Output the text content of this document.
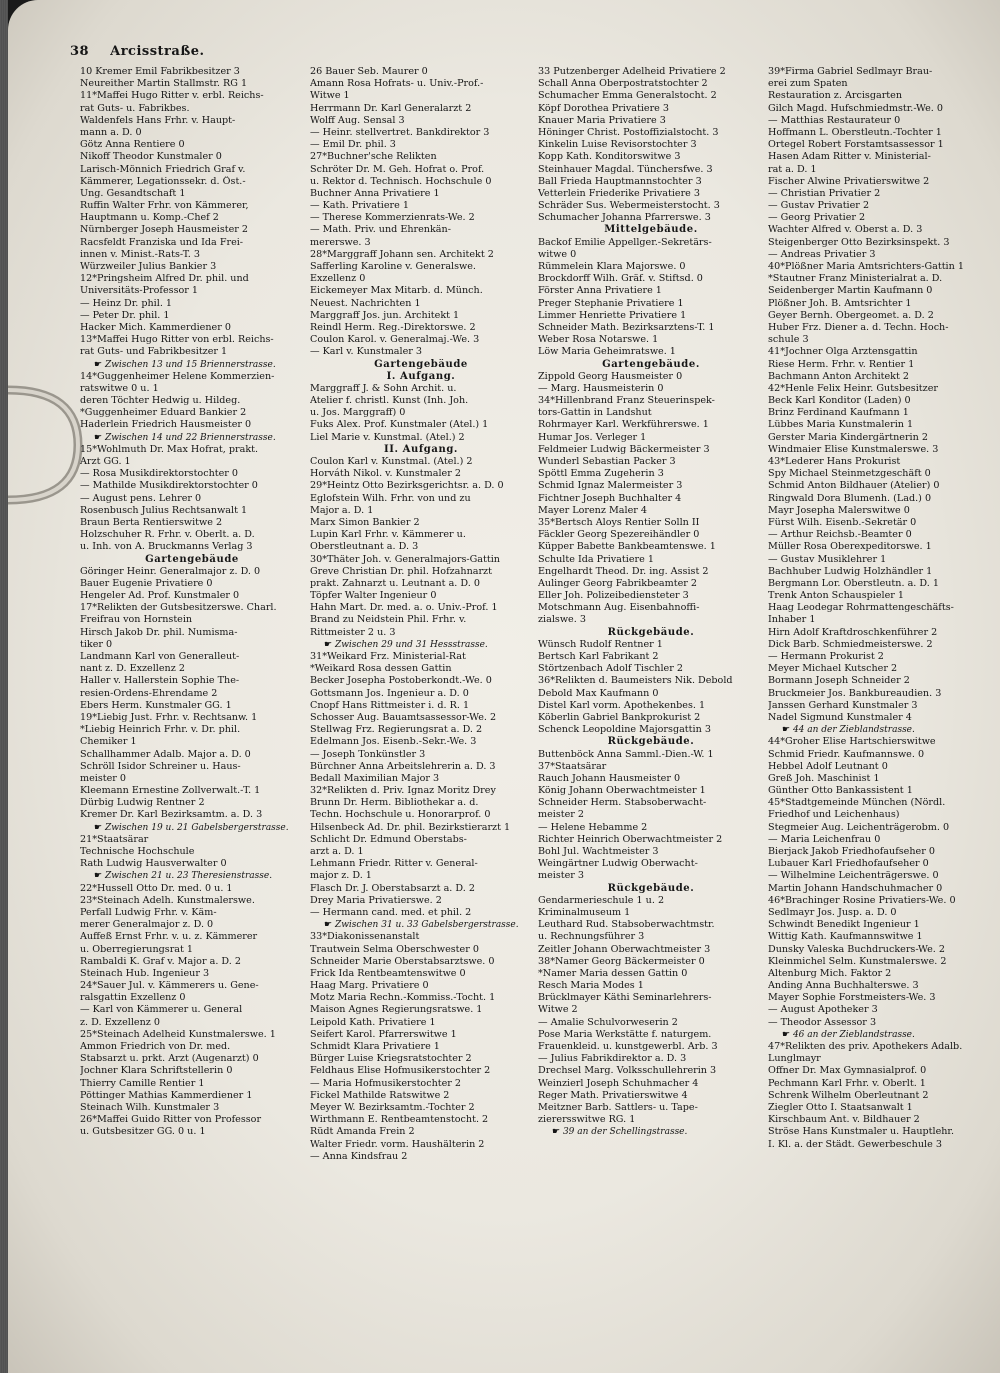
38 Arcisstraße.
10 Kremer Emil Fabrikbesitzer 3
Neureither Martin Stallmstr. RG 1
11*Maffei Hugo Ritter v. erbl. Reichs-
rat Guts- u. Fabrikbes.
Waldenfels Hans Frhr. v. Haupt-
mann a. D. 0
Götz Anna Rentiere 0
Nikoff Theodor Kunstmaler 0
Larisch-Mönnich Friedrich Graf v.
Kämmerer, Legationssekr. d. Öst.-
Ung. Gesandtschaft 1
Ruffin Walter Frhr. von Kämmerer,
Hauptmann u. Komp.-Chef 2
Nürnberger Joseph Hausmeister 2
Racsfeldt Franziska und Ida Frei-
innen v. Minist.-Rats-T. 3
Würzweiler Julius Bankier 3
12*Pringsheim Alfred Dr. phil. und
Universitäts-Professor 1
— Heinz Dr. phil. 1
— Peter Dr. phil. 1
Hacker Mich. Kammerdiener 0
13*Maffei Hugo Ritter von erbl. Reichs-
rat Guts- und Fabrikbesitzer 1
☛ Zwischen 13 und 15 Briennerstrasse.
14*Guggenheimer Helene Kommerzien-
ratswitwe 0 u. 1
deren Töchter Hedwig u. Hildeg.
*Guggenheimer Eduard Bankier 2
Haderlein Friedrich Hausmeister 0
☛ Zwischen 14 und 22 Briennerstrasse.
15*Wohlmuth Dr. Max Hofrat, prakt.
Arzt GG. 1
— Rosa Musikdirektorstochter 0
— Mathilde Musikdirektorstochter 0
— August pens. Lehrer 0
Rosenbusch Julius Rechtsanwalt 1
Braun Berta Rentierswitwe 2
Holzschuher R. Frhr. v. Oberlt. a. D.
u. Inh. von A. Bruckmanns Verlag 3
Gartengebäude
Göringer Heinr. Generalmajor z. D. 0
Bauer Eugenie Privatiere 0
Hengeler Ad. Prof. Kunstmaler 0
17*Relikten der Gutsbesitzerswe. Charl.
Freifrau von Hornstein
Hirsch Jakob Dr. phil. Numisma-
tiker 0
Landmann Karl von Generalleut-
nant z. D. Exzellenz 2
Haller v. Hallerstein Sophie The-
resien-Ordens-Ehrendame 2
Ebers Herm. Kunstmaler GG. 1
19*Liebig Just. Frhr. v. Rechtsanw. 1
*Liebig Heinrich Frhr. v. Dr. phil.
Chemiker 1
Schallhammer Adalb. Major a. D. 0
Schröll Isidor Schreiner u. Haus-
meister 0
Kleemann Ernestine Zollverwalt.-T. 1
Dürbig Ludwig Rentner 2
Kremer Dr. Karl Bezirksamtm. a. D. 3
☛ Zwischen 19 u. 21 Gabelsbergerstrasse.
21*Staatsärar
Technische Hochschule
Rath Ludwig Hausverwalter 0
☛ Zwischen 21 u. 23 Theresienstrasse.
22*Hussell Otto Dr. med. 0 u. 1
23*Steinach Adelh. Kunstmalerswe.
Perfall Ludwig Frhr. v. Käm-
merer Generalmajor z. D. 0
Auffeß Ernst Frhr. v. u. z. Kämmerer
u. Oberregierungsrat 1
Rambaldi K. Graf v. Major a. D. 2
Steinach Hub. Ingenieur 3
24*Sauer Jul. v. Kämmerers u. Gene-
ralsgattin Exzellenz 0
— Karl von Kämmerer u. General
z. D. Exzellenz 0
25*Steinach Adelheid Kunstmalerswe. 1
Ammon Friedrich von Dr. med.
Stabsarzt u. prkt. Arzt (Augenarzt) 0
Jochner Klara Schriftstellerin 0
Thierry Camille Rentier 1
Pöttinger Mathias Kammerdiener 1
Steinach Wilh. Kunstmaler 3
26*Maffei Guido Ritter von Professor
u. Gutsbesitzer GG. 0 u. 1
26 Bauer Seb. Maurer 0
Amann Rosa Hofrats- u. Univ.-Prof.-
Witwe 1
Herrmann Dr. Karl Generalarzt 2
Wolff Aug. Sensal 3
— Heinr. stellvertret. Bankdirektor 3
— Emil Dr. phil. 3
27*Buchner'sche Relikten
Schröter Dr. M. Geh. Hofrat o. Prof.
u. Rektor d. Technisch. Hochschule 0
Buchner Anna Privatiere 1
— Kath. Privatiere 1
— Therese Kommerzienrats-We. 2
— Math. Priv. und Ehrenkän-
mererswe. 3
28*Marggraff Johann sen. Architekt 2
Safferling Karoline v. Generalswe.
Exzellenz 0
Eickemeyer Max Mitarb. d. Münch.
Neuest. Nachrichten 1
Marggraff Jos. jun. Architekt 1
Reindl Herm. Reg.-Direktorswe. 2
Coulon Karol. v. Generalmaj.-We. 3
— Karl v. Kunstmaler 3
Gartengebäude
I. Aufgang.
Marggraff J. & Sohn Archit. u.
Atelier f. christl. Kunst (Inh. Joh.
u. Jos. Marggraff) 0
Fuks Alex. Prof. Kunstmaler (Atel.) 1
Liel Marie v. Kunstmal. (Atel.) 2
II. Aufgang.
Coulon Karl v. Kunstmal. (Atel.) 2
Horváth Nikol. v. Kunstmaler 2
29*Heintz Otto Bezirksgerichtsr. a. D. 0
Eglofstein Wilh. Frhr. von und zu
Major a. D. 1
Marx Simon Bankier 2
Lupin Karl Frhr. v. Kämmerer u.
Oberstleutnant a. D. 3
30*Thäter Joh. v. Generalmajors-Gattin
Greve Christian Dr. phil. Hofzahnarzt
prakt. Zahnarzt u. Leutnant a. D. 0
Töpfer Walter Ingenieur 0
Hahn Mart. Dr. med. a. o. Univ.-Prof. 1
Brand zu Neidstein Phil. Frhr. v.
Rittmeister 2 u. 3
☛ Zwischen 29 und 31 Hessstrasse.
31*Weikard Frz. Ministerial-Rat
*Weikard Rosa dessen Gattin
Becker Josepha Postoberkondt.-We. 0
Gottsmann Jos. Ingenieur a. D. 0
Cnopf Hans Rittmeister i. d. R. 1
Schosser Aug. Bauamtsassessor-We. 2
Stellwag Frz. Regierungsrat a. D. 2
Edelmann Jos. Eisenb.-Sekr.-We. 3
— Joseph Tonkünstler 3
Bürchner Anna Arbeitslehrerin a. D. 3
Bedall Maximilian Major 3
32*Relikten d. Priv. Ignaz Moritz Drey
Brunn Dr. Herm. Bibliothekar a. d.
Techn. Hochschule u. Honorarprof. 0
Hilsenbeck Ad. Dr. phil. Bezirkstierarzt 1
Schlicht Dr. Edmund Oberstabs-
arzt a. D. 1
Lehmann Friedr. Ritter v. General-
major z. D. 1
Flasch Dr. J. Oberstabsarzt a. D. 2
Drey Maria Privatierswe. 2
— Hermann cand. med. et phil. 2
☛ Zwischen 31 u. 33 Gabelsbergerstrasse.
33*Diakonissenanstalt
Trautwein Selma Oberschwester 0
Schneider Marie Oberstabsarztswe. 0
Frick Ida Rentbeamtenswitwe 0
Haag Marg. Privatiere 0
Motz Maria Rechn.-Kommiss.-Tocht. 1
Maison Agnes Regierungsratswe. 1
Leipold Kath. Privatiere 1
Seifert Karol. Pfarrerswitwe 1
Schmidt Klara Privatiere 1
Bürger Luise Kriegsratstochter 2
Feldhaus Elise Hofmusikerstochter 2
— Maria Hofmusikerstochter 2
Fickel Mathilde Ratswitwe 2
Meyer W. Bezirksamtm.-Tochter 2
Wirthmann E. Rentbeamtenstocht. 2
Rüdt Amanda Frein 2
Walter Friedr. vorm. Haushälterin 2
— Anna Kindsfrau 2
33 Putzenberger Adelheid Privatiere 2
Schall Anna Oberpostratstochter 2
Schumacher Emma Generalstocht. 2
Köpf Dorothea Privatiere 3
Knauer Maria Privatiere 3
Höninger Christ. Postoffizialstocht. 3
Kinkelin Luise Revisorstochter 3
Kopp Kath. Konditorswitwe 3
Steinhauer Magdal. Tünchersfwe. 3
Ball Frieda Hauptmannstochter 3
Vetterlein Friederike Privatiere 3
Schräder Sus. Webermeisterstocht. 3
Schumacher Johanna Pfarrerswe. 3
Mittelgebäude.
Backof Emilie Appellger.-Sekretärs-
witwe 0
Rümmelein Klara Majorswe. 0
Brockdorff Wilh. Gräf. v. Stiftsd. 0
Förster Anna Privatiere 1
Preger Stephanie Privatiere 1
Limmer Henriette Privatiere 1
Schneider Math. Bezirksarztens-T. 1
Weber Rosa Notarswe. 1
Löw Maria Geheimratswe. 1
Gartengebäude.
Zippold Georg Hausmeister 0
— Marg. Hausmeisterin 0
34*Hillenbrand Franz Steuerinspek-
tors-Gattin in Landshut
Rohrmayer Karl. Werkführerswe. 1
Humar Jos. Verleger 1
Feldmeier Ludwig Bäckermeister 3
Wunderl Sebastian Packer 3
Spöttl Emma Zugeherin 3
Schmid Ignaz Malermeister 3
Fichtner Joseph Buchhalter 4
Mayer Lorenz Maler 4
35*Bertsch Aloys Rentier Solln II
Fäckler Georg Spezereihändler 0
Küpper Babette Bankbeamtenswe. 1
Schulte Ida Privatiere 1
Engelhardt Theod. Dr. ing. Assist 2
Aulinger Georg Fabrikbeamter 2
Eller Joh. Polizeibediensteter 3
Motschmann Aug. Eisenbahnoffi-
zialswe. 3
Rückgebäude.
Wünsch Rudolf Rentner 1
Bertsch Karl Fabrikant 2
Störtzenbach Adolf Tischler 2
36*Relikten d. Baumeisters Nik. Debold
Debold Max Kaufmann 0
Distel Karl vorm. Apothekenbes. 1
Köberlin Gabriel Bankprokurist 2
Schenck Leopoldine Majorsgattin 3
Rückgebäude.
Buttenböck Anna Samml.-Dien.-W. 1
37*Staatsärar
Rauch Johann Hausmeister 0
König Johann Oberwachtmeister 1
Schneider Herm. Stabsoberwacht-
meister 2
— Helene Hebamme 2
Richter Heinrich Oberwachtmeister 2
Bohl Jul. Wachtmeister 3
Weingärtner Ludwig Oberwacht-
meister 3
Rückgebäude.
Gendarmerieschule 1 u. 2
Kriminalmuseum 1
Leuthard Rud. Stabsoberwachtmstr.
u. Rechnungsführer 3
Zeitler Johann Oberwachtmeister 3
38*Namer Georg Bäckermeister 0
*Namer Maria dessen Gattin 0
Resch Maria Modes 1
Brücklmayer Käthi Seminarlehrers-
Witwe 2
— Amalie Schulvorweserin 2
Pose Maria Werkstätte f. naturgem.
Frauenkleid. u. kunstgewerbl. Arb. 3
— Julius Fabrikdirektor a. D. 3
Drechsel Marg. Volksschullehrerin 3
Weinzierl Joseph Schuhmacher 4
Reger Math. Privatierswitwe 4
Meitzner Barb. Sattlers- u. Tape-
zierersswitwe RG. 1
☛ 39 an der Schellingstrasse.
39*Firma Gabriel Sedlmayr Brau-
erei zum Spaten
Restauration z. Arcisgarten
Gilch Magd. Hufschmiedmstr.-We. 0
— Matthias Restaurateur 0
Hoffmann L. Oberstleutn.-Tochter 1
Ortegel Robert Forstamtsassessor 1
Hasen Adam Ritter v. Ministerial-
rat a. D. 1
Fischer Alwine Privatierswitwe 2
— Christian Privatier 2
— Gustav Privatier 2
— Georg Privatier 2
Wachter Alfred v. Oberst a. D. 3
Steigenberger Otto Bezirksinspekt. 3
— Andreas Privatier 3
40*Plößner Maria Amtsrichters-Gattin 1
*Stautner Franz Ministerialrat a. D.
Seidenberger Martin Kaufmann 0
Plößner Joh. B. Amtsrichter 1
Geyer Bernh. Obergeomet. a. D. 2
Huber Frz. Diener a. d. Techn. Hoch-
schule 3
41*Jochner Olga Arztensgattin
Riese Herm. Frhr. v. Rentier 1
Bachmann Anton Architekt 2
42*Henle Felix Heinr. Gutsbesitzer
Beck Karl Konditor (Laden) 0
Brinz Ferdinand Kaufmann 1
Lübbes Maria Kunstmalerin 1
Gerster Maria Kindergärtnerin 2
Windmaier Elise Kunstmalerswe. 3
43*Lederer Hans Prokurist
Spy Michael Steinmetzgeschäft 0
Schmid Anton Bildhauer (Atelier) 0
Ringwald Dora Blumenh. (Lad.) 0
Mayr Josepha Malerswitwe 0
Fürst Wilh. Eisenb.-Sekretär 0
— Arthur Reichsb.-Beamter 0
Müller Rosa Oberexpeditorswe. 1
— Gustav Musiklehrer 1
Bachhuber Ludwig Holzhändler 1
Bergmann Lor. Oberstleutn. a. D. 1
Trenk Anton Schauspieler 1
Haag Leodegar Rohrmattengeschäfts-
Inhaber 1
Hirn Adolf Kraftdroschkenführer 2
Dick Barb. Schmiedmeisterswe. 2
— Hermann Prokurist 2
Meyer Michael Kutscher 2
Bormann Joseph Schneider 2
Bruckmeier Jos. Bankbureaudien. 3
Janssen Gerhard Kunstmaler 3
Nadel Sigmund Kunstmaler 4
☛ 44 an der Zieblandstrasse.
44*Groher Elise Hartschierswitwe
Schmid Friedr. Kaufmannswe. 0
Hebbel Adolf Leutnant 0
Greß Joh. Maschinist 1
Günther Otto Bankassistent 1
45*Stadtgemeinde München (Nördl.
Friedhof und Leichenhaus)
Stegmeier Aug. Leichenträgerobm. 0
— Maria Leichenfrau 0
Bierjack Jakob Friedhofaufseher 0
Lubauer Karl Friedhofaufseher 0
— Wilhelmine Leichenträgerswe. 0
Martin Johann Handschuhmacher 0
46*Brachinger Rosine Privatiers-We. 0
Sedlmayr Jos. Jusp. a. D. 0
Schwindt Benedikt Ingenieur 1
Wittig Kath. Kaufmannswitwe 1
Dunsky Valeska Buchdruckers-We. 2
Kleinmichel Selm. Kunstmalerswe. 2
Altenburg Mich. Faktor 2
Anding Anna Buchhalterswe. 3
Mayer Sophie Forstmeisters-We. 3
— August Apotheker 3
— Theodor Assessor 3
☛ 46 an der Zieblandstrasse.
47*Relikten des priv. Apothekers Adalb.
Lunglmayr
Offner Dr. Max Gymnasialprof. 0
Pechmann Karl Frhr. v. Oberlt. 1
Schrenk Wilhelm Oberleutnant 2
Ziegler Otto I. Staatsanwalt 1
Kirschbaum Ant. v. Bildhauer 2
Ströse Hans Kunstmaler u. Hauptlehr.
I. Kl. a. der Städt. Gewerbeschule 3
